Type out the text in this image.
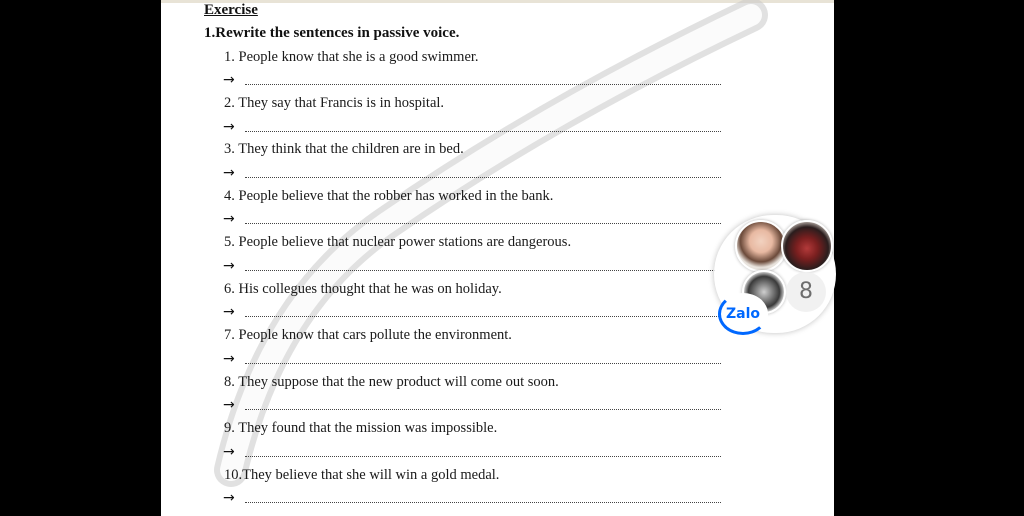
Exercise
1.Rewrite the sentences in passive voice.
1. People know that she is a good swimmer.
→
2. They say that Francis is in hospital.
→
3. They think that the children are in bed.
→
4. People believe that the robber has worked in the bank.
→
5. People believe that nuclear power stations are dangerous.
→
6. His collegues thought that he was on holiday.
→
7. People know that cars pollute the environment.
→
8. They suppose that the new product will come out soon.
→
9. They found that the mission was impossible.
→
10.They believe that she will win a gold medal.
→
8
Zalo
